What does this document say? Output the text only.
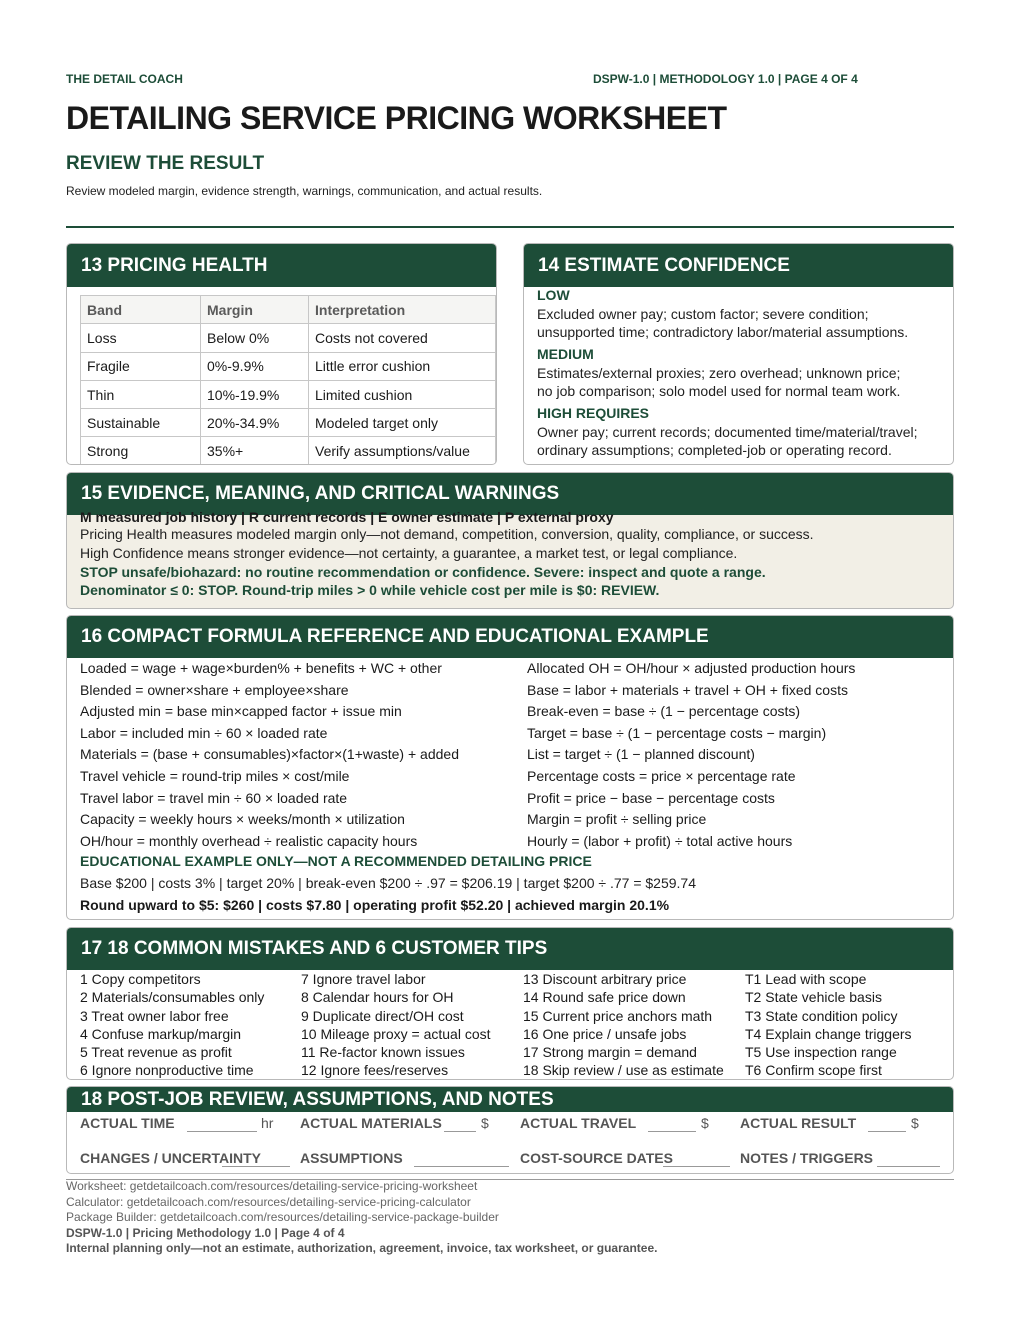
THE DETAIL COACH	DSPW-1.0 | METHODOLOGY 1.0 | PAGE 4 OF 4
DETAILING SERVICE PRICING WORKSHEET
REVIEW THE RESULT
Review modeled margin, evidence strength, warnings, communication, and actual results.
13 PRICING HEALTH
Band	Margin	Interpretation
Loss	Below 0%	Costs not covered
Fragile	0%-9.9%	Little error cushion
Thin	10%-19.9%	Limited cushion
Sustainable	20%-34.9%	Modeled target only
Strong	35%+	Verify assumptions/value
14 ESTIMATE CONFIDENCE
LOW
Excluded owner pay; custom factor; severe condition;
unsupported time; contradictory labor/material assumptions.
MEDIUM
Estimates/external proxies; zero overhead; unknown price;
no job comparison; solo model used for normal team work.
HIGH REQUIRES
Owner pay; current records; documented time/material/travel;
ordinary assumptions; completed-job or operating record.
15 EVIDENCE, MEANING, AND CRITICAL WARNINGS
M measured job history | R current records | E owner estimate | P external proxy
Pricing Health measures modeled margin only—not demand, competition, conversion, quality, compliance, or success.
High Confidence means stronger evidence—not certainty, a guarantee, a market test, or legal compliance.
STOP unsafe/biohazard: no routine recommendation or confidence. Severe: inspect and quote a range.
Denominator ≤ 0: STOP. Round-trip miles > 0 while vehicle cost per mile is $0: REVIEW.
16 COMPACT FORMULA REFERENCE AND EDUCATIONAL EXAMPLE
Loaded = wage + wage×burden% + benefits + WC + other
Blended = owner×share + employee×share
Adjusted min = base min×capped factor + issue min
Labor = included min ÷ 60 × loaded rate
Materials = (base + consumables)×factor×(1+waste) + added
Travel vehicle = round-trip miles × cost/mile
Travel labor = travel min ÷ 60 × loaded rate
Capacity = weekly hours × weeks/month × utilization
OH/hour = monthly overhead ÷ realistic capacity hours
Allocated OH = OH/hour × adjusted production hours
Base = labor + materials + travel + OH + fixed costs
Break-even = base ÷ (1 − percentage costs)
Target = base ÷ (1 − percentage costs − margin)
List = target ÷ (1 − planned discount)
Percentage costs = price × percentage rate
Profit = price − base − percentage costs
Margin = profit ÷ selling price
Hourly = (labor + profit) ÷ total active hours
EDUCATIONAL EXAMPLE ONLY—NOT A RECOMMENDED DETAILING PRICE
Base $200 | costs 3% | target 20% | break-even $200 ÷ .97 = $206.19 | target $200 ÷ .77 = $259.74
Round upward to $5: $260 | costs $7.80 | operating profit $52.20 | achieved margin 20.1%
17 18 COMMON MISTAKES AND 6 CUSTOMER TIPS
1 Copy competitors
2 Materials/consumables only
3 Treat owner labor free
4 Confuse markup/margin
5 Treat revenue as profit
6 Ignore nonproductive time
7 Ignore travel labor
8 Calendar hours for OH
9 Duplicate direct/OH cost
10 Mileage proxy = actual cost
11 Re-factor known issues
12 Ignore fees/reserves
13 Discount arbitrary price
14 Round safe price down
15 Current price anchors math
16 One price / unsafe jobs
17 Strong margin = demand
18 Skip review / use as estimate
T1 Lead with scope
T2 State vehicle basis
T3 State condition policy
T4 Explain change triggers
T5 Use inspection range
T6 Confirm scope first
18 POST-JOB REVIEW, ASSUMPTIONS, AND NOTES
ACTUAL TIME	hr ACTUAL MATERIALS	$ ACTUAL TRAVEL	$ ACTUAL RESULT	$
CHANGES / UNCERTAINTY	ASSUMPTIONS	COST-SOURCE DATES	NOTES / TRIGGERS
Worksheet: getdetailcoach.com/resources/detailing-service-pricing-worksheet
Calculator: getdetailcoach.com/resources/detailing-service-pricing-calculator
Package Builder: getdetailcoach.com/resources/detailing-service-package-builder
DSPW-1.0 | Pricing Methodology 1.0 | Page 4 of 4
Internal planning only—not an estimate, authorization, agreement, invoice, tax worksheet, or guarantee.
